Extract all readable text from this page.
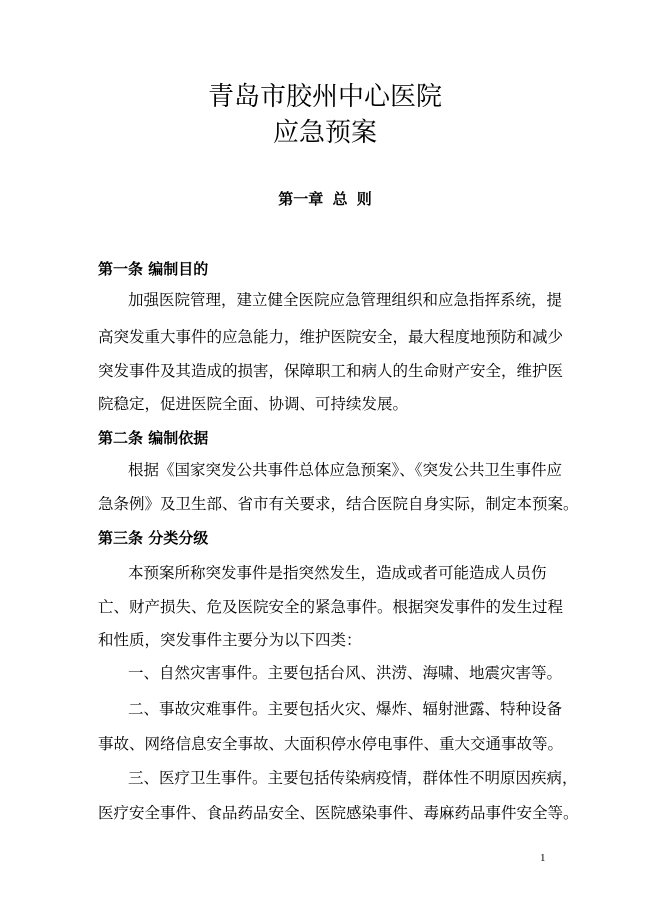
青岛市胶州中心医院
应急预案
第一章 总 则
第一条 编制目的
加强医院管理，建立健全医院应急管理组织和应急指挥系统，提
高突发重大事件的应急能力，维护医院安全，最大程度地预防和减少
突发事件及其造成的损害，保障职工和病人的生命财产安全，维护医
院稳定，促进医院全面、协调、可持续发展。
第二条 编制依据
根据《国家突发公共事件总体应急预案》、《突发公共卫生事件应
急条例》及卫生部、省市有关要求，结合医院自身实际，制定本预案。
第三条 分类分级
本预案所称突发事件是指突然发生，造成或者可能造成人员伤
亡、财产损失、危及医院安全的紧急事件。根据突发事件的发生过程
和性质，突发事件主要分为以下四类：
一、自然灾害事件。主要包括台风、洪涝、海啸、地震灾害等。
二、事故灾难事件。主要包括火灾、爆炸、辐射泄露、特种设备
事故、网络信息安全事故、大面积停水停电事件、重大交通事故等。
三、医疗卫生事件。主要包括传染病疫情，群体性不明原因疾病，
医疗安全事件、食品药品安全、医院感染事件、毒麻药品事件安全等。
1
